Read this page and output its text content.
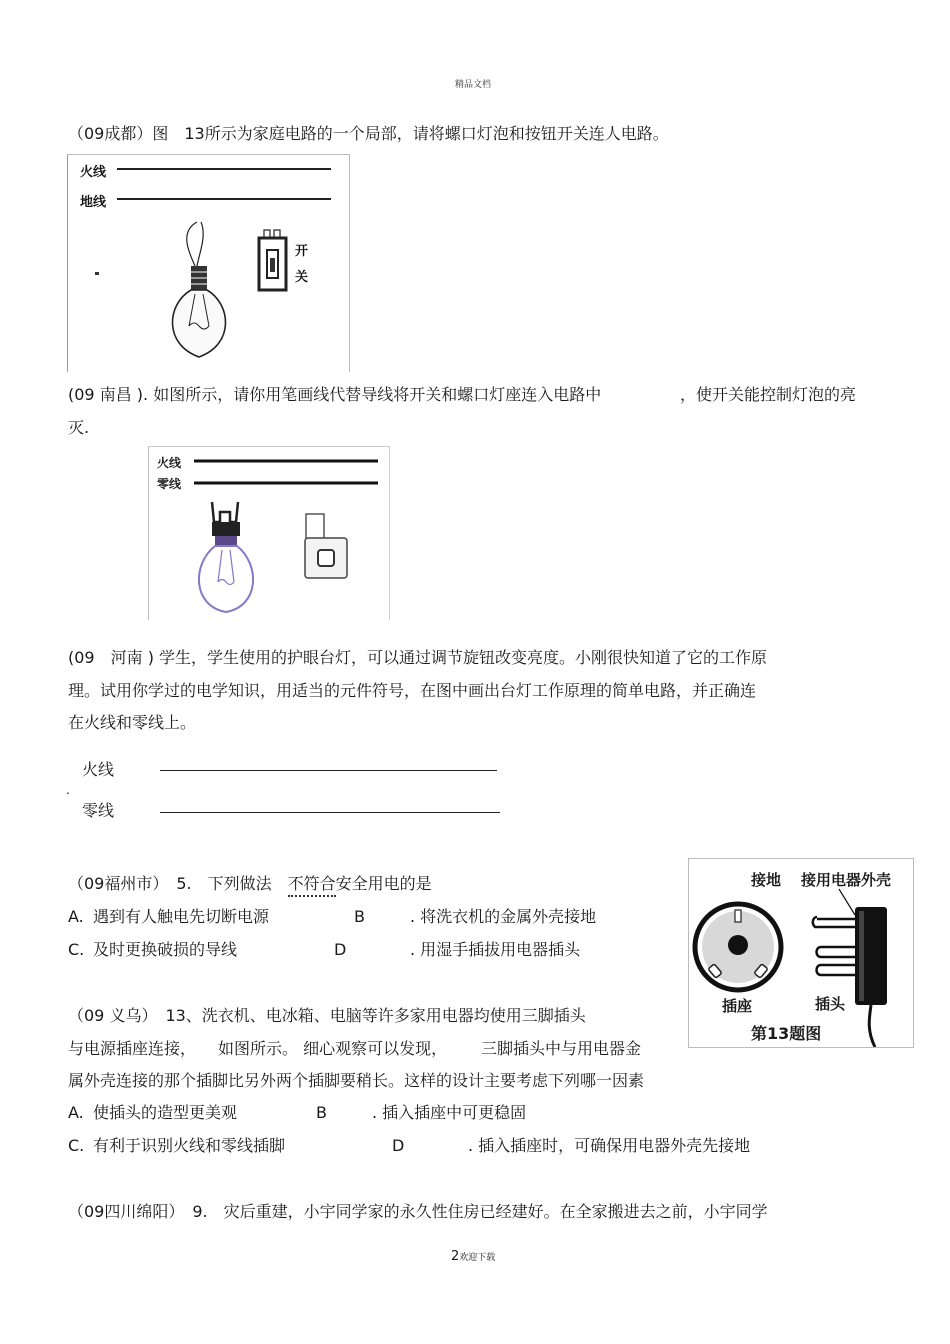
精品文档
（09成都）图　13所示为家庭电路的一个局部，请将螺口灯泡和按钮开关连人电路。
火线
地线
开
关
(09 南昌 ). 如图所示，请你用笔画线代替导线将开关和螺口灯座连入电路中	，使开关能控制灯泡的亮
灭.
火线
零线
(09　河南 ) 学生，学生使用的护眼台灯，可以通过调节旋钮改变亮度。小刚很快知道了它的工作原
理。试用你学过的电学知识，用适当的元件符号，在图中画出台灯工作原理的简单电路，并正确连
在火线和零线上。
火线
.
零线
（09福州市）　5.　下列做法　不符合安全用电的是
A. 遇到有人触电先切断电源	B	. 将洗衣机的金属外壳接地
C. 及时更换破损的导线	D	. 用湿手插拔用电器插头
接地 接用电器外壳
插座	插头
第13题图
（09 义乌）　13、洗衣机、电冰箱、电脑等许多家用电器均使用三脚插头
与电源插座连接， 如图所示。 细心观察可以发现， 三脚插头中与用电器金
属外壳连接的那个插脚比另外两个插脚要稍长。这样的设计主要考虑下列哪一因素
A. 使插头的造型更美观	B	. 插入插座中可更稳固
C. 有利于识别火线和零线插脚	D	. 插入插座时，可确保用电器外壳先接地
（09四川绵阳）　9.　灾后重建，小宇同学家的永久性住房已经建好。在全家搬进去之前，小宇同学
2欢迎下载
